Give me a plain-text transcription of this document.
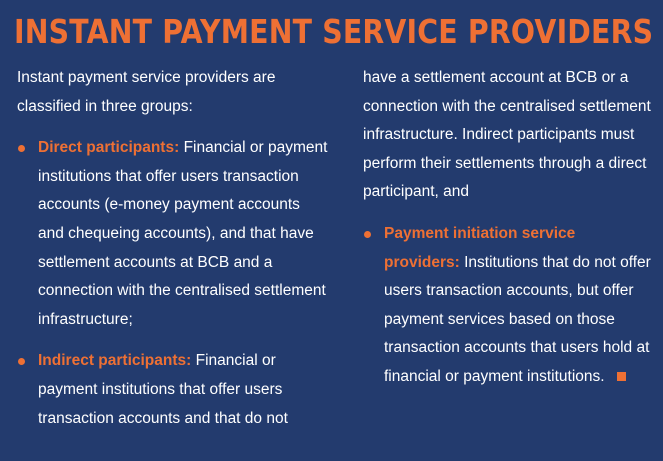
INSTANT PAYMENT SERVICE PROVIDERS

Instant payment service providers are classified in three groups:

Direct participants: Financial or payment institutions that offer users transaction accounts (e-money payment accounts and chequeing accounts), and that have settlement accounts at BCB and a connection with the centralised settlement infrastructure;
Indirect participants: Financial or payment institutions that offer users transaction accounts and that do not

have a settlement account at BCB or a connection with the centralised settlement infrastructure. Indirect participants must perform their settlements through a direct participant, and

Payment initiation service providers: Institutions that do not offer users transaction accounts, but offer payment services based on those transaction accounts that users hold at financial or payment institutions.
